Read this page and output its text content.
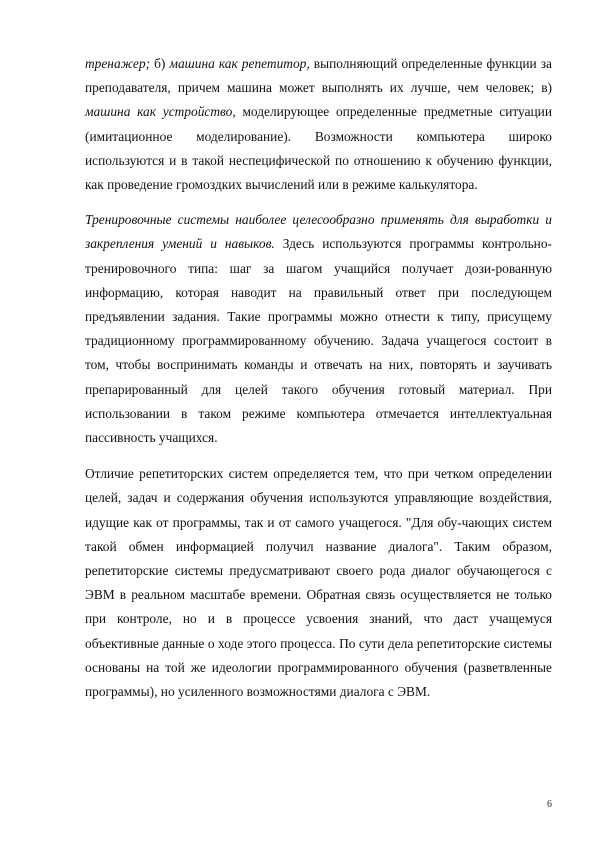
тренажер; б) машина как репетитор, выполняющий определенные функции за преподавателя, причем машина может выполнять их лучше, чем человек; в) машина как устройство, моделирующее определенные предметные ситуации (имитационное моделирование). Возможности компьютера широко используются и в такой неспецифической по отношению к обучению функции, как проведение громоздких вычислений или в режиме калькулятора.

Тренировочные системы наиболее целесообразно применять для выработки и закрепления умений и навыков. Здесь используются программы контрольно-тренировочного типа: шаг за шагом учащийся получает дози-рованную информацию, которая наводит на правильный ответ при последующем предъявлении задания. Такие программы можно отнести к типу, присущему традиционному программированному обучению. Задача учащегося состоит в том, чтобы воспринимать команды и отвечать на них, повторять и заучивать препарированный для целей такого обучения готовый материал. При использовании в таком режиме компьютера отмечается интеллектуальная пассивность учащихся.

Отличие репетиторских систем определяется тем, что при четком определении целей, задач и содержания обучения используются управляющие воздействия, идущие как от программы, так и от самого учащегося. "Для обу-чающих систем такой обмен информацией получил название диалога". Таким образом, репетиторские системы предусматривают своего рода диалог обучающегося с ЭВМ в реальном масштабе времени. Обратная связь осуществляется не только при контроле, но и в процессе усвоения знаний, что даст учащемуся объективные данные о ходе этого процесса. По сути дела репетиторские системы основаны на той же идеологии программированного обучения (разветвленные программы), но усиленного возможностями диалога с ЭВМ.

6
